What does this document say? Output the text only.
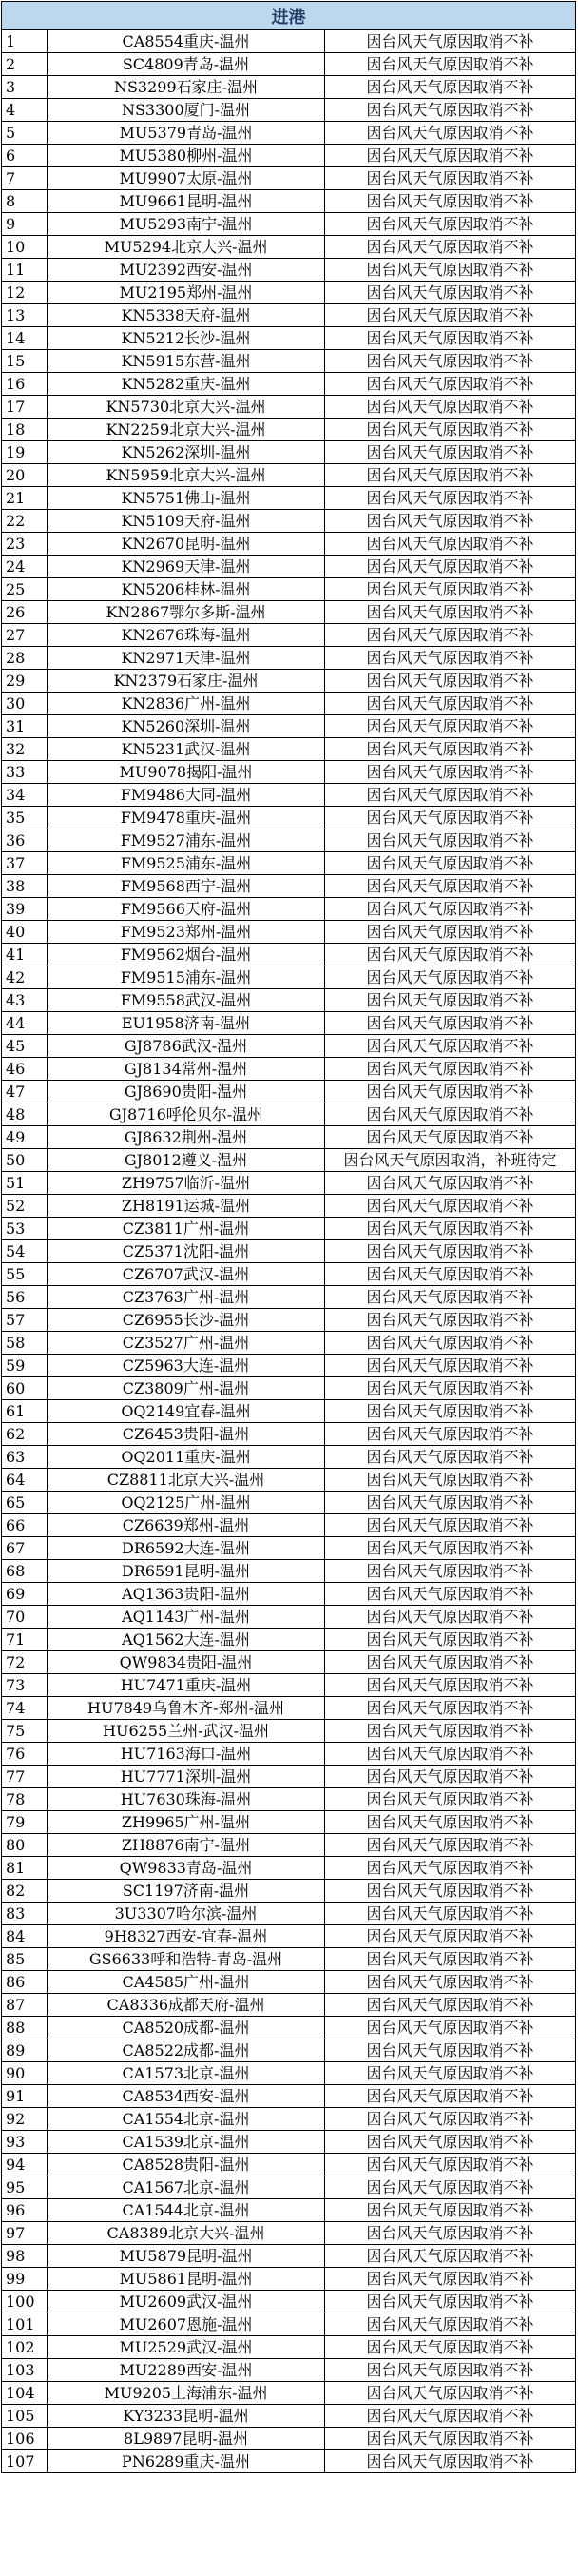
进港		
1	CA8554重庆-温州	因台风天气原因取消不补
2	SC4809青岛-温州	因台风天气原因取消不补
3	NS3299石家庄-温州	因台风天气原因取消不补
4	NS3300厦门-温州	因台风天气原因取消不补
5	MU5379青岛-温州	因台风天气原因取消不补
6	MU5380柳州-温州	因台风天气原因取消不补
7	MU9907太原-温州	因台风天气原因取消不补
8	MU9661昆明-温州	因台风天气原因取消不补
9	MU5293南宁-温州	因台风天气原因取消不补
10	MU5294北京大兴-温州	因台风天气原因取消不补
11	MU2392西安-温州	因台风天气原因取消不补
12	MU2195郑州-温州	因台风天气原因取消不补
13	KN5338天府-温州	因台风天气原因取消不补
14	KN5212长沙-温州	因台风天气原因取消不补
15	KN5915东营-温州	因台风天气原因取消不补
16	KN5282重庆-温州	因台风天气原因取消不补
17	KN5730北京大兴-温州	因台风天气原因取消不补
18	KN2259北京大兴-温州	因台风天气原因取消不补
19	KN5262深圳-温州	因台风天气原因取消不补
20	KN5959北京大兴-温州	因台风天气原因取消不补
21	KN5751佛山-温州	因台风天气原因取消不补
22	KN5109天府-温州	因台风天气原因取消不补
23	KN2670昆明-温州	因台风天气原因取消不补
24	KN2969天津-温州	因台风天气原因取消不补
25	KN5206桂林-温州	因台风天气原因取消不补
26	KN2867鄂尔多斯-温州	因台风天气原因取消不补
27	KN2676珠海-温州	因台风天气原因取消不补
28	KN2971天津-温州	因台风天气原因取消不补
29	KN2379石家庄-温州	因台风天气原因取消不补
30	KN2836广州-温州	因台风天气原因取消不补
31	KN5260深圳-温州	因台风天气原因取消不补
32	KN5231武汉-温州	因台风天气原因取消不补
33	MU9078揭阳-温州	因台风天气原因取消不补
34	FM9486大同-温州	因台风天气原因取消不补
35	FM9478重庆-温州	因台风天气原因取消不补
36	FM9527浦东-温州	因台风天气原因取消不补
37	FM9525浦东-温州	因台风天气原因取消不补
38	FM9568西宁-温州	因台风天气原因取消不补
39	FM9566天府-温州	因台风天气原因取消不补
40	FM9523郑州-温州	因台风天气原因取消不补
41	FM9562烟台-温州	因台风天气原因取消不补
42	FM9515浦东-温州	因台风天气原因取消不补
43	FM9558武汉-温州	因台风天气原因取消不补
44	EU1958济南-温州	因台风天气原因取消不补
45	GJ8786武汉-温州	因台风天气原因取消不补
46	GJ8134常州-温州	因台风天气原因取消不补
47	GJ8690贵阳-温州	因台风天气原因取消不补
48	GJ8716呼伦贝尔-温州	因台风天气原因取消不补
49	GJ8632荆州-温州	因台风天气原因取消不补
50	GJ8012遵义-温州	因台风天气原因取消，补班待定
51	ZH9757临沂-温州	因台风天气原因取消不补
52	ZH8191运城-温州	因台风天气原因取消不补
53	CZ3811广州-温州	因台风天气原因取消不补
54	CZ5371沈阳-温州	因台风天气原因取消不补
55	CZ6707武汉-温州	因台风天气原因取消不补
56	CZ3763广州-温州	因台风天气原因取消不补
57	CZ6955长沙-温州	因台风天气原因取消不补
58	CZ3527广州-温州	因台风天气原因取消不补
59	CZ5963大连-温州	因台风天气原因取消不补
60	CZ3809广州-温州	因台风天气原因取消不补
61	OQ2149宜春-温州	因台风天气原因取消不补
62	CZ6453贵阳-温州	因台风天气原因取消不补
63	OQ2011重庆-温州	因台风天气原因取消不补
64	CZ8811北京大兴-温州	因台风天气原因取消不补
65	OQ2125广州-温州	因台风天气原因取消不补
66	CZ6639郑州-温州	因台风天气原因取消不补
67	DR6592大连-温州	因台风天气原因取消不补
68	DR6591昆明-温州	因台风天气原因取消不补
69	AQ1363贵阳-温州	因台风天气原因取消不补
70	AQ1143广州-温州	因台风天气原因取消不补
71	AQ1562大连-温州	因台风天气原因取消不补
72	QW9834贵阳-温州	因台风天气原因取消不补
73	HU7471重庆-温州	因台风天气原因取消不补
74	HU7849乌鲁木齐-郑州-温州	因台风天气原因取消不补
75	HU6255兰州-武汉-温州	因台风天气原因取消不补
76	HU7163海口-温州	因台风天气原因取消不补
77	HU7771深圳-温州	因台风天气原因取消不补
78	HU7630珠海-温州	因台风天气原因取消不补
79	ZH9965广州-温州	因台风天气原因取消不补
80	ZH8876南宁-温州	因台风天气原因取消不补
81	QW9833青岛-温州	因台风天气原因取消不补
82	SC1197济南-温州	因台风天气原因取消不补
83	3U3307哈尔滨-温州	因台风天气原因取消不补
84	9H8327西安-宜春-温州	因台风天气原因取消不补
85	GS6633呼和浩特-青岛-温州	因台风天气原因取消不补
86	CA4585广州-温州	因台风天气原因取消不补
87	CA8336成都天府-温州	因台风天气原因取消不补
88	CA8520成都-温州	因台风天气原因取消不补
89	CA8522成都-温州	因台风天气原因取消不补
90	CA1573北京-温州	因台风天气原因取消不补
91	CA8534西安-温州	因台风天气原因取消不补
92	CA1554北京-温州	因台风天气原因取消不补
93	CA1539北京-温州	因台风天气原因取消不补
94	CA8528贵阳-温州	因台风天气原因取消不补
95	CA1567北京-温州	因台风天气原因取消不补
96	CA1544北京-温州	因台风天气原因取消不补
97	CA8389北京大兴-温州	因台风天气原因取消不补
98	MU5879昆明-温州	因台风天气原因取消不补
99	MU5861昆明-温州	因台风天气原因取消不补
100	MU2609武汉-温州	因台风天气原因取消不补
101	MU2607恩施-温州	因台风天气原因取消不补
102	MU2529武汉-温州	因台风天气原因取消不补
103	MU2289西安-温州	因台风天气原因取消不补
104	MU9205上海浦东-温州	因台风天气原因取消不补
105	KY3233昆明-温州	因台风天气原因取消不补
106	8L9897昆明-温州	因台风天气原因取消不补
107	PN6289重庆-温州	因台风天气原因取消不补
